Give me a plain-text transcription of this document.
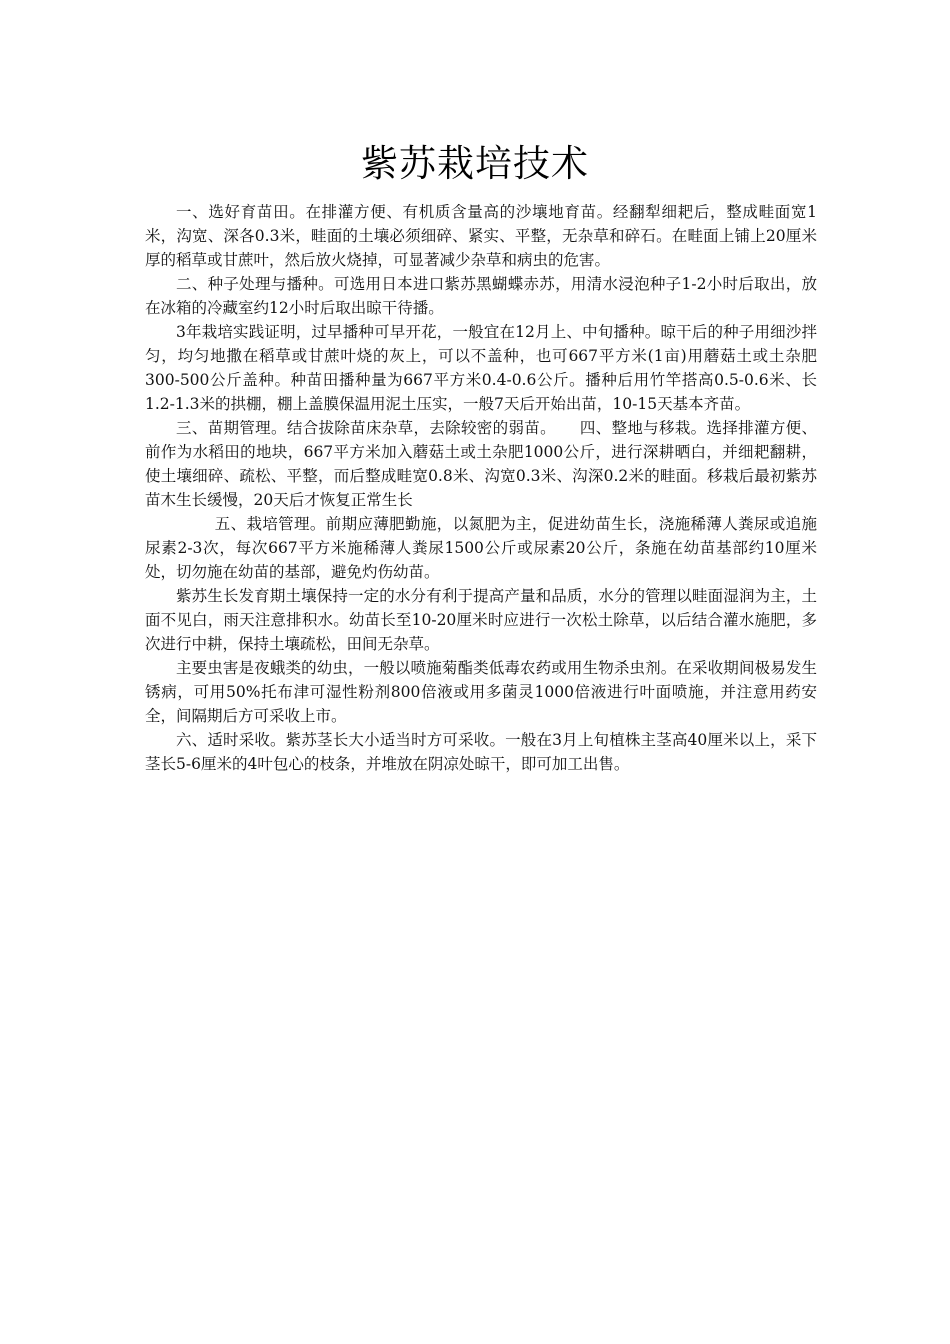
紫苏栽培技术

一、选好育苗田。在排灌方便、有机质含量高的沙壤地育苗。经翻犁细耙后，整成畦面宽1米，沟宽、深各0.3米，畦面的土壤必须细碎、紧实、平整，无杂草和碎石。在畦面上铺上20厘米厚的稻草或甘蔗叶，然后放火烧掉，可显著减少杂草和病虫的危害。

二、种子处理与播种。可选用日本进口紫苏黑蝴蝶赤苏，用清水浸泡种子1-2小时后取出，放在冰箱的冷藏室约12小时后取出晾干待播。

3年栽培实践证明，过早播种可早开花，一般宜在12月上、中旬播种。晾干后的种子用细沙拌匀，均匀地撒在稻草或甘蔗叶烧的灰上，可以不盖种，也可667平方米(1亩)用蘑菇土或土杂肥300-500公斤盖种。种苗田播种量为667平方米0.4-0.6公斤。播种后用竹竿搭高0.5-0.6米、长1.2-1.3米的拱棚，棚上盖膜保温用泥土压实，一般7天后开始出苗，10-15天基本齐苗。

三、苗期管理。结合拔除苗床杂草，去除较密的弱苗。　　四、整地与移栽。选择排灌方便、前作为水稻田的地块，667平方米加入蘑菇土或土杂肥1000公斤，进行深耕晒白，并细耙翻耕，使土壤细碎、疏松、平整，而后整成畦宽0.8米、沟宽0.3米、沟深0.2米的畦面。移栽后最初紫苏苗木生长缓慢，20天后才恢复正常生长

五、栽培管理。前期应薄肥勤施，以氮肥为主，促进幼苗生长，浇施稀薄人粪尿或追施尿素2-3次，每次667平方米施稀薄人粪尿1500公斤或尿素20公斤，条施在幼苗基部约10厘米处，切勿施在幼苗的基部，避免灼伤幼苗。

紫苏生长发育期土壤保持一定的水分有利于提高产量和品质，水分的管理以畦面湿润为主，土面不见白，雨天注意排积水。幼苗长至10-20厘米时应进行一次松土除草，以后结合灌水施肥，多次进行中耕，保持土壤疏松，田间无杂草。

主要虫害是夜蛾类的幼虫，一般以喷施菊酯类低毒农药或用生物杀虫剂。在采收期间极易发生锈病，可用50%托布津可湿性粉剂800倍液或用多菌灵1000倍液进行叶面喷施，并注意用药安全，间隔期后方可采收上市。

六、适时采收。紫苏茎长大小适当时方可采收。一般在3月上旬植株主茎高40厘米以上，采下茎长5-6厘米的4叶包心的枝条，并堆放在阴凉处晾干，即可加工出售。
